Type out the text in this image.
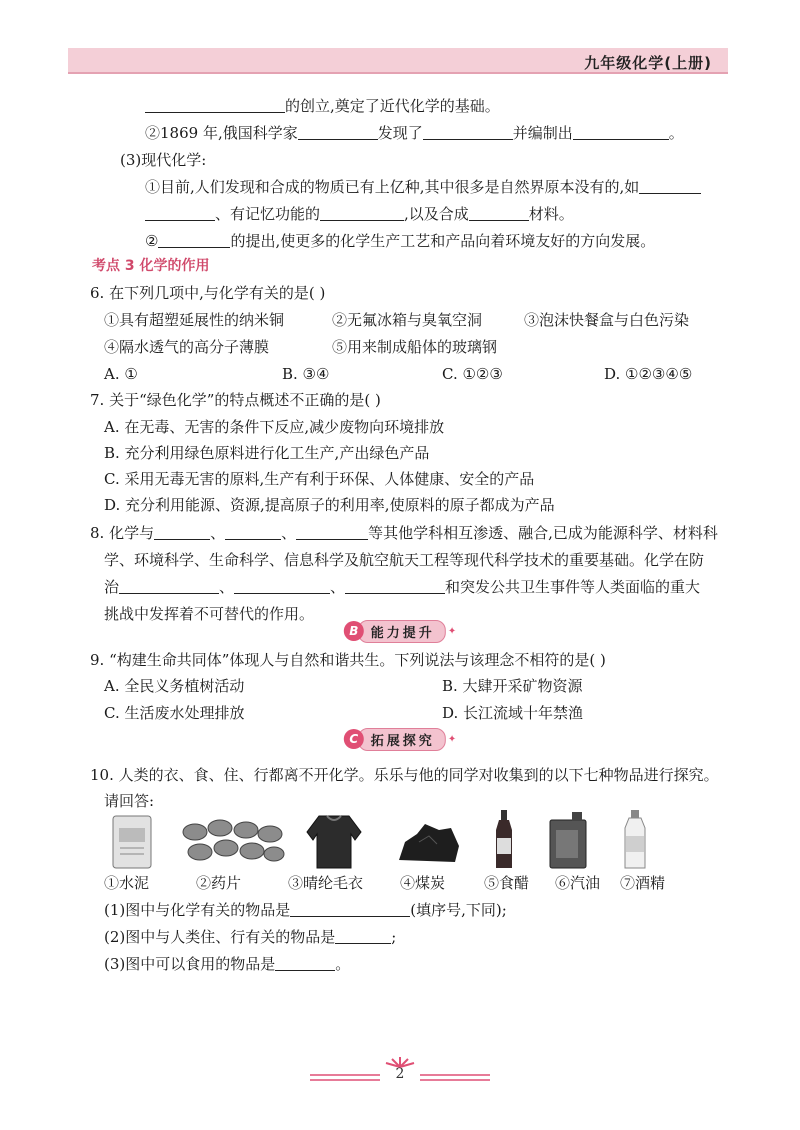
九年级化学(上册)
的创立,奠定了近代化学的基础。
②1869 年,俄国科学家	发现了	并编制出	。
(3)现代化学:
①目前,人们发现和合成的物质已有上亿种,其中很多是自然界原本没有的,如
、有记忆功能的	,以及合成	材料。
②	的提出,使更多的化学生产工艺和产品向着环境友好的方向发展。
考点 3 化学的作用
6. 在下列几项中,与化学有关的是( )
①具有超塑延展性的纳米铜	②无氟冰箱与臭氧空洞	③泡沫快餐盒与白色污染
④隔水透气的高分子薄膜	⑤用来制成船体的玻璃钢
A. ①	B. ③④	C. ①②③	D. ①②③④⑤
7. 关于“绿色化学”的特点概述不正确的是( )
A. 在无毒、无害的条件下反应,减少废物向环境排放
B. 充分利用绿色原料进行化工生产,产出绿色产品
C. 采用无毒无害的原料,生产有利于环保、人体健康、安全的产品
D. 充分利用能源、资源,提高原子的利用率,使原料的原子都成为产品
8. 化学与	、	、	等其他学科相互渗透、融合,已成为能源科学、材料科
学、环境科学、生命科学、信息科学及航空航天工程等现代科学技术的重要基础。化学在防
治	、	、	和突发公共卫生事件等人类面临的重大
挑战中发挥着不可替代的作用。
B 能力提升	✦
9. “构建生命共同体”体现人与自然和谐共生。下列说法与该理念不相符的是( )
A. 全民义务植树活动	B. 大肆开采矿物资源
C. 生活废水处理排放	D. 长江流域十年禁渔
C 拓展探究	✦
10. 人类的衣、食、住、行都离不开化学。乐乐与他的同学对收集到的以下七种物品进行探究。
请回答:
①水泥	②药片	③晴纶毛衣 ④煤炭	⑤食醋 ⑥汽油 ⑦酒精
(1)图中与化学有关的物品是	(填序号,下同);
(2)图中与人类住、行有关的物品是	;
(3)图中可以食用的物品是	。
2
